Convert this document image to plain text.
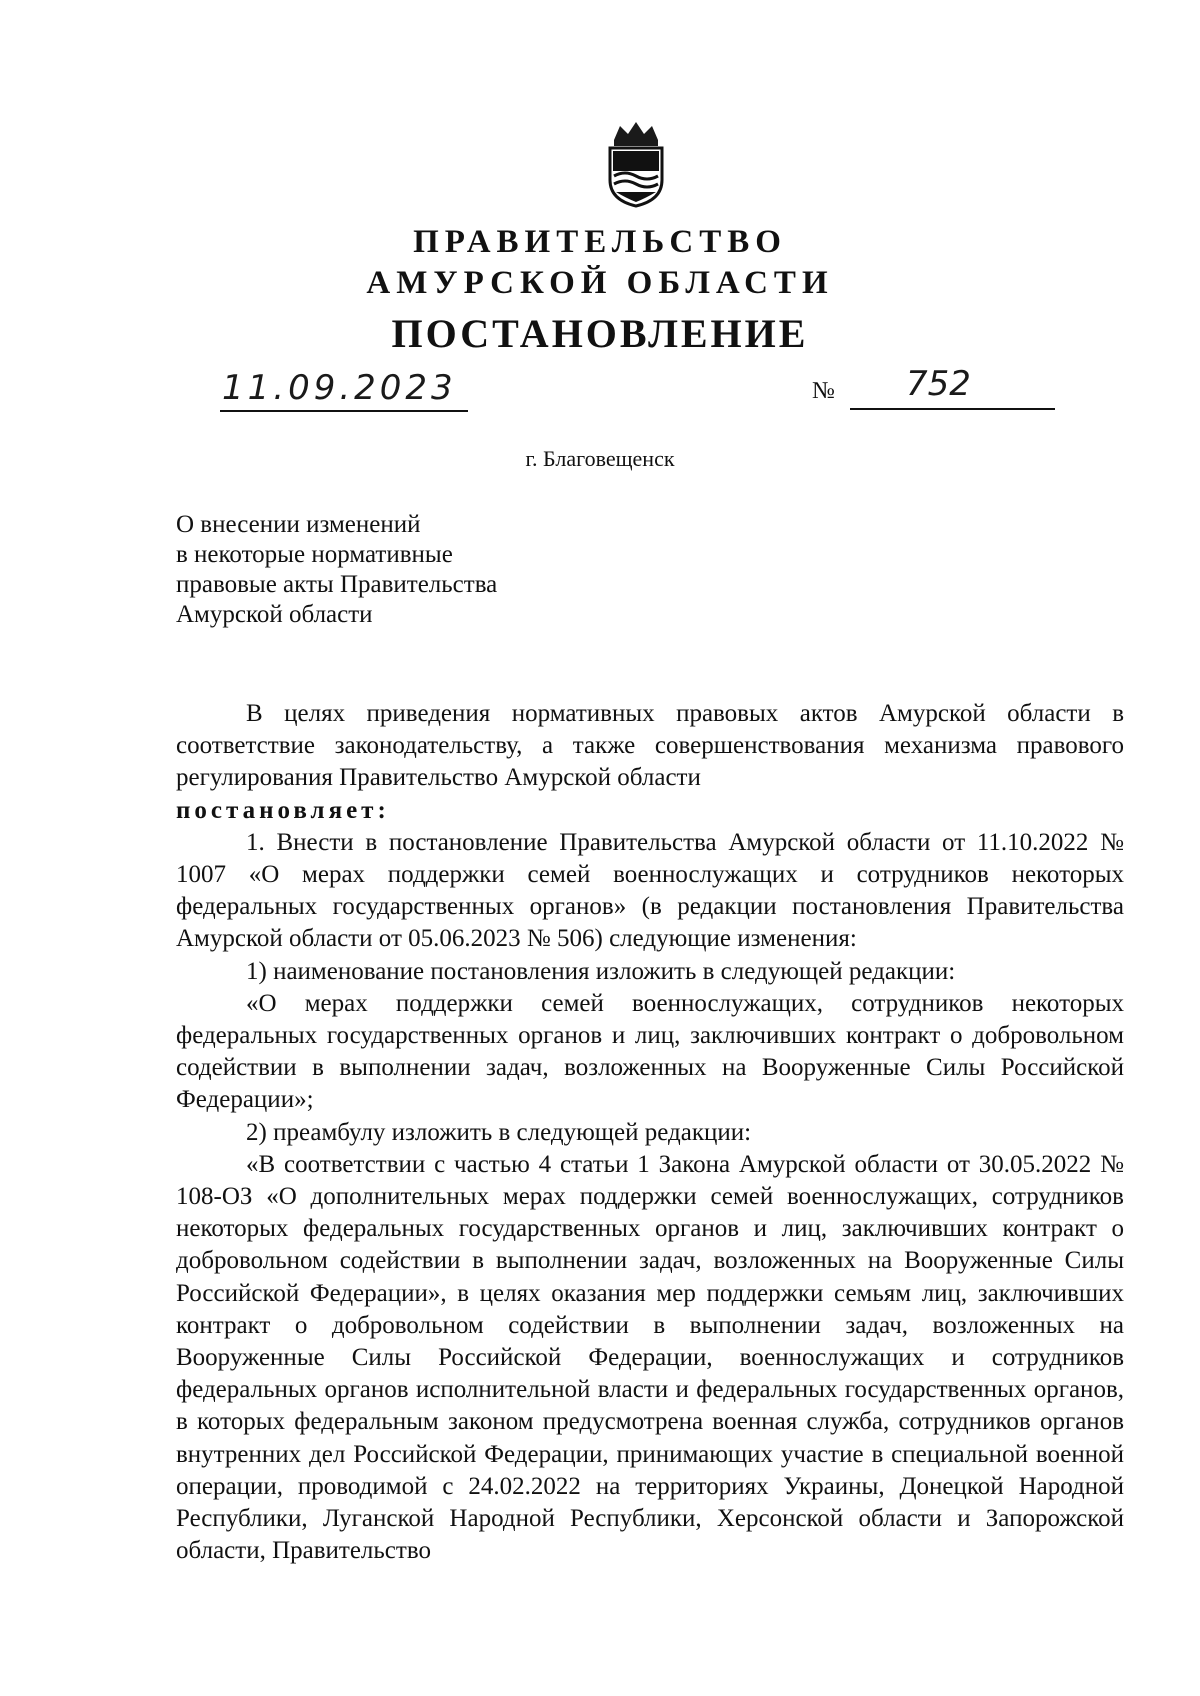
ПРАВИТЕЛЬСТВО
АМУРСКОЙ ОБЛАСТИ
ПОСТАНОВЛЕНИЕ
11.09.2023	№ 752
г. Благовещенск
О внесении изменений
в некоторые нормативные
правовые акты Правительства
Амурской области

В целях приведения нормативных правовых актов Амурской области в соответствие законодательству, а также совершенствования механизма правового регулирования Правительство Амурской области

постановляет:

1. Внести в постановление Правительства Амурской области от 11.10.2022 № 1007 «О мерах поддержки семей военнослужащих и сотрудников некоторых федеральных государственных органов» (в редакции постановления Правительства Амурской области от 05.06.2023 № 506) следующие изменения:

1) наименование постановления изложить в следующей редакции:

«О мерах поддержки семей военнослужащих, сотрудников некоторых федеральных государственных органов и лиц, заключивших контракт о добровольном содействии в выполнении задач, возложенных на Вооруженные Силы Российской Федерации»;

2) преамбулу изложить в следующей редакции:

«В соответствии с частью 4 статьи 1 Закона Амурской области от 30.05.2022 № 108-ОЗ «О дополнительных мерах поддержки семей военнослужащих, сотрудников некоторых федеральных государственных органов и лиц, заключивших контракт о добровольном содействии в выполнении задач, возложенных на Вооруженные Силы Российской Федерации», в целях оказания мер поддержки семьям лиц, заключивших контракт о добровольном содействии в выполнении задач, возложенных на Вооруженные Силы Российской Федерации, военнослужащих и сотрудников федеральных органов исполнительной власти и федеральных государственных органов, в которых федеральным законом предусмотрена военная служба, сотрудников органов внутренних дел Российской Федерации, принимающих участие в специальной военной операции, проводимой с 24.02.2022 на территориях Украины, Донецкой Народной Республики, Луганской Народной Республики, Херсонской области и Запорожской области, Правительство
